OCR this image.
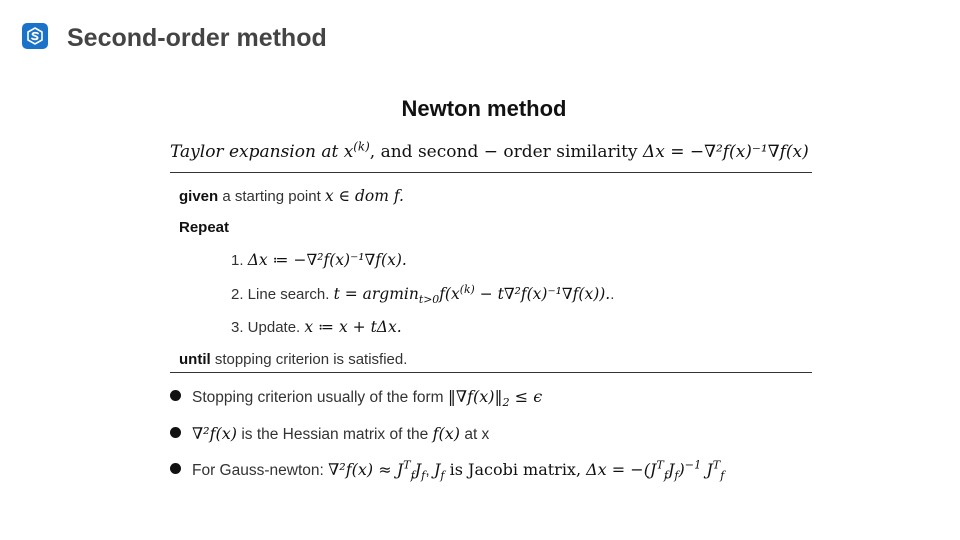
Second-order method
Newton method
Taylor expansion at $x^{(k)}$, and second − order similarity Δx = −∇²f(x)⁻¹∇f(x)
given a starting point x ∈ dom f.
Repeat
1. Δx ≔ −∇²f(x)⁻¹∇f(x).
2. Line search. $t = argmin_{t>0}f(x^{(k)} - t\nabla^2f(x)^{-1}\nabla f(x))$..
3. Update. x ≔ x + tΔx.
until stopping criterion is satisfied.
Stopping criterion usually of the form $‖\nabla f(x)‖_2 \le \epsilon$
∇²f(x) is the Hessian matrix of the f(x) at x
For Gauss-newton: $\nabla^2f(x) \approx J^T_fJ_f$, $J_f$ is Jacobi matrix, $\Delta x = -(J^T_fJ_f)^{-1}$ $J^T_f$
